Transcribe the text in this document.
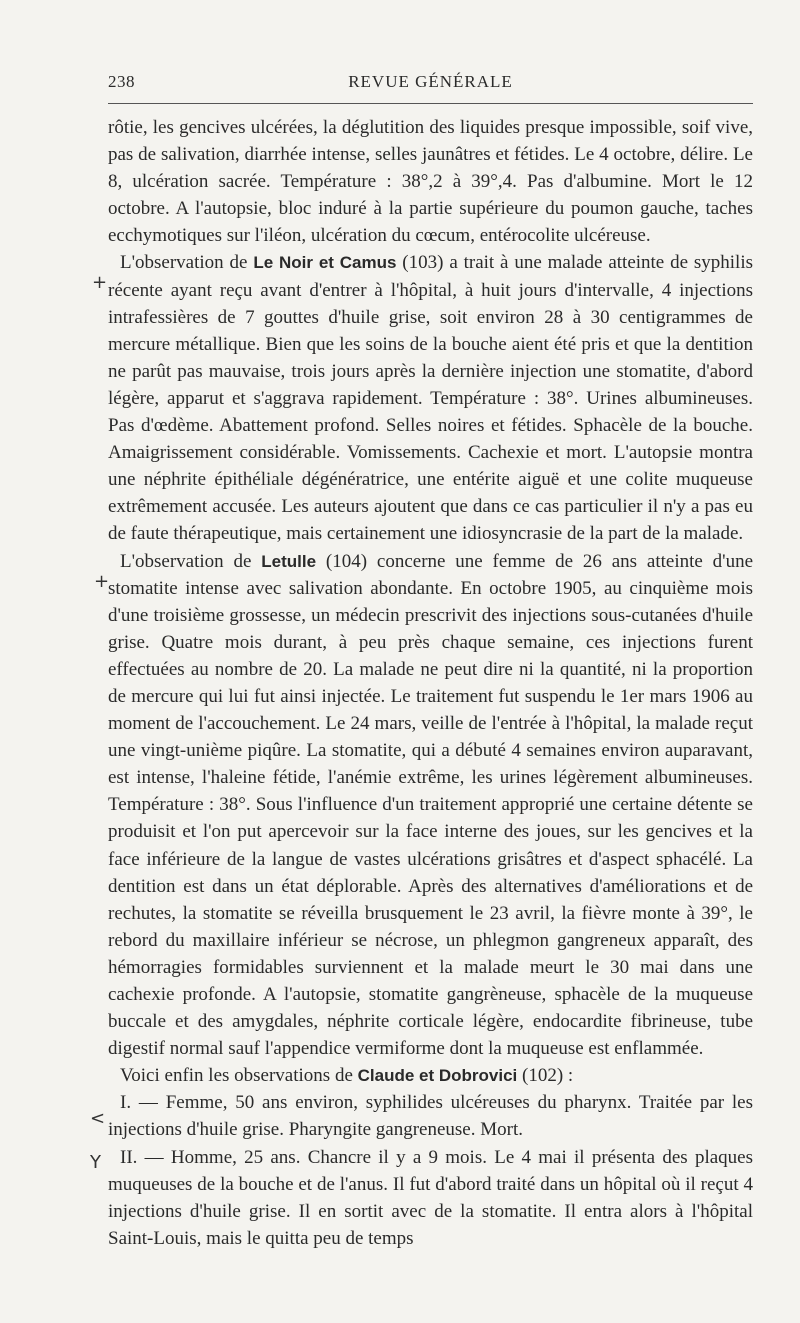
238	REVUE GÉNÉRALE
+
+
<
Y

rôtie, les gencives ulcérées, la déglutition des liquides presque impossible, soif vive, pas de salivation, diarrhée intense, selles jaunâtres et fétides. Le 4 octobre, délire. Le 8, ulcération sacrée. Température : 38°,2 à 39°,4. Pas d'albumine. Mort le 12 octobre. A l'autopsie, bloc induré à la partie supérieure du poumon gauche, taches ecchymotiques sur l'iléon, ulcération du cœcum, entérocolite ulcéreuse.

L'observation de Le Noir et Camus (103) a trait à une malade atteinte de syphilis récente ayant reçu avant d'entrer à l'hôpital, à huit jours d'intervalle, 4 injections intrafessières de 7 gouttes d'huile grise, soit environ 28 à 30 centigrammes de mercure métallique. Bien que les soins de la bouche aient été pris et que la dentition ne parût pas mauvaise, trois jours après la dernière injection une stomatite, d'abord légère, apparut et s'aggrava rapidement. Température : 38°. Urines albumineuses. Pas d'œdème. Abattement profond. Selles noires et fétides. Sphacèle de la bouche. Amaigrissement considérable. Vomissements. Cachexie et mort. L'autopsie montra une néphrite épithéliale dégénératrice, une entérite aiguë et une colite muqueuse extrêmement accusée. Les auteurs ajoutent que dans ce cas particulier il n'y a pas eu de faute thérapeutique, mais certainement une idiosyncrasie de la part de la malade.

L'observation de Letulle (104) concerne une femme de 26 ans atteinte d'une stomatite intense avec salivation abondante. En octobre 1905, au cinquième mois d'une troisième grossesse, un médecin prescrivit des injections sous-cutanées d'huile grise. Quatre mois durant, à peu près chaque semaine, ces injections furent effectuées au nombre de 20. La malade ne peut dire ni la quantité, ni la proportion de mercure qui lui fut ainsi injectée. Le traitement fut suspendu le 1er mars 1906 au moment de l'accouchement. Le 24 mars, veille de l'entrée à l'hôpital, la malade reçut une vingt-unième piqûre. La stomatite, qui a débuté 4 semaines environ auparavant, est intense, l'haleine fétide, l'anémie extrême, les urines légèrement albumineuses. Température : 38°. Sous l'influence d'un traitement approprié une certaine détente se produisit et l'on put apercevoir sur la face interne des joues, sur les gencives et la face inférieure de la langue de vastes ulcérations grisâtres et d'aspect sphacélé. La dentition est dans un état déplorable. Après des alternatives d'améliorations et de rechutes, la stomatite se réveilla brusquement le 23 avril, la fièvre monte à 39°, le rebord du maxillaire inférieur se nécrose, un phlegmon gangreneux apparaît, des hémorragies formidables surviennent et la malade meurt le 30 mai dans une cachexie profonde. A l'autopsie, stomatite gangrèneuse, sphacèle de la muqueuse buccale et des amygdales, néphrite corticale légère, endocardite fibrineuse, tube digestif normal sauf l'appendice vermiforme dont la muqueuse est enflammée.

Voici enfin les observations de Claude et Dobrovici (102) :

I. — Femme, 50 ans environ, syphilides ulcéreuses du pharynx. Traitée par les injections d'huile grise. Pharyngite gangreneuse. Mort.

II. — Homme, 25 ans. Chancre il y a 9 mois. Le 4 mai il présenta des plaques muqueuses de la bouche et de l'anus. Il fut d'abord traité dans un hôpital où il reçut 4 injections d'huile grise. Il en sortit avec de la stomatite. Il entra alors à l'hôpital Saint-Louis, mais le quitta peu de temps
